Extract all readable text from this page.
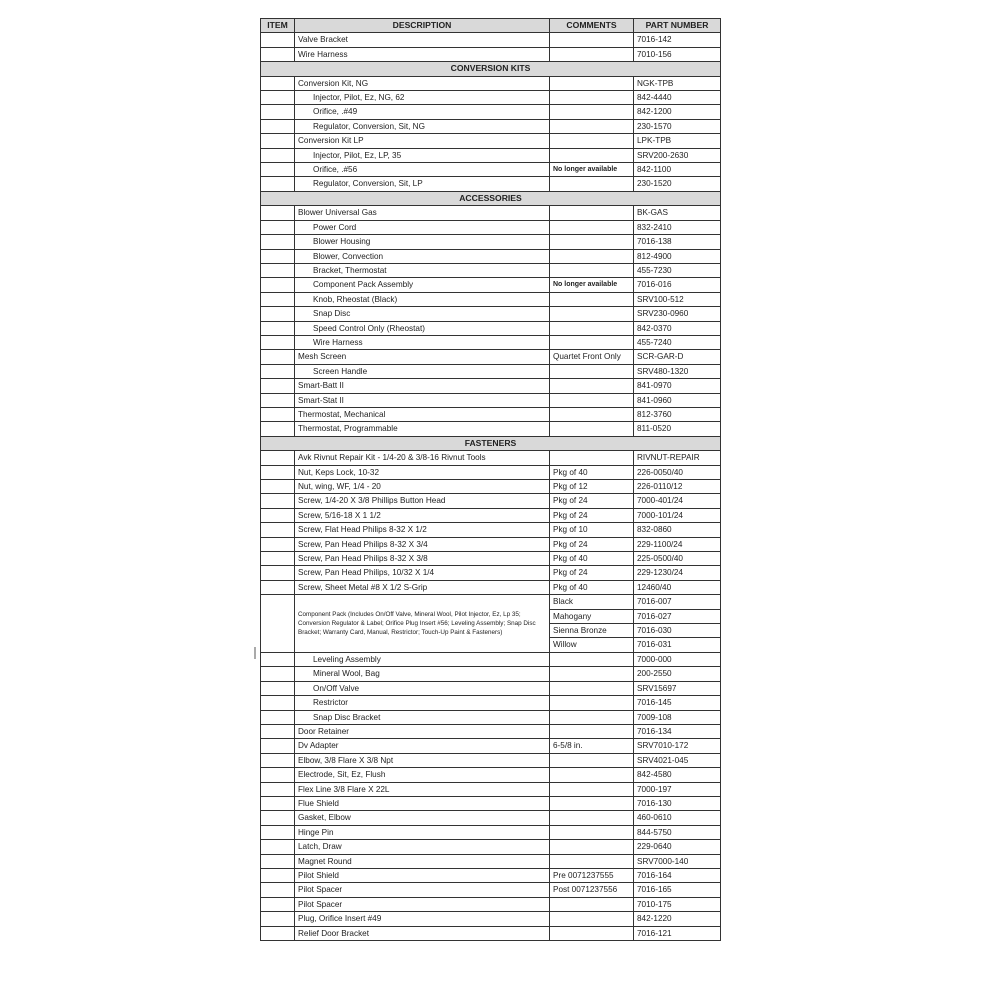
ITEM	DESCRIPTION	COMMENTS	PART NUMBER
	Valve Bracket		7016-142
	Wire Harness		7010-156
CONVERSION KITS			
	Conversion Kit, NG		NGK-TPB
	Injector, Pilot, Ez, NG, 62		842-4440
	Orifice, .#49		842-1200
	Regulator, Conversion, Sit, NG		230-1570
	Conversion Kit LP		LPK-TPB
	Injector, Pilot, Ez, LP, 35		SRV200-2630
	Orifice, .#56	No longer available	842-1100
	Regulator, Conversion, Sit, LP		230-1520
ACCESSORIES			
	Blower Universal Gas		BK-GAS
	Power Cord		832-2410
	Blower Housing		7016-138
	Blower, Convection		812-4900
	Bracket, Thermostat		455-7230
	Component Pack Assembly	No longer available	7016-016
	Knob, Rheostat (Black)		SRV100-512
	Snap Disc		SRV230-0960
	Speed Control Only (Rheostat)		842-0370
	Wire Harness		455-7240
	Mesh Screen	Quartet Front Only	SCR-GAR-D
	Screen Handle		SRV480-1320
	Smart-Batt II		841-0970
	Smart-Stat II		841-0960
	Thermostat, Mechanical		812-3760
	Thermostat, Programmable		811-0520
FASTENERS			
	Avk Rivnut Repair Kit - 1/4-20 & 3/8-16 Rivnut Tools		RIVNUT-REPAIR
	Nut, Keps Lock, 10-32	Pkg of 40	226-0050/40
	Nut, wing, WF, 1/4 - 20	Pkg of 12	226-0110/12
	Screw, 1/4-20 X 3/8 Phillips Button Head	Pkg of 24	7000-401/24
	Screw, 5/16-18 X 1 1/2	Pkg of 24	7000-101/24
	Screw, Flat Head Philips 8-32 X 1/2	Pkg of 10	832-0860
	Screw, Pan Head Philips 8-32 X 3/4	Pkg of 24	229-1100/24
	Screw, Pan Head Philips 8-32 X 3/8	Pkg of 40	225-0500/40
	Screw, Pan Head Philips, 10/32 X 1/4	Pkg of 24	229-1230/24
	Screw, Sheet Metal #8 X 1/2 S-Grip	Pkg of 40	12460/40
	Component Pack (Includes On/Off Valve, Mineral Wool, Pilot Injector, Ez, Lp 35; Conversion Regulator & Label; Orifice Plug Insert #56; Leveling Assembly; Snap Disc Bracket; Warranty Card, Manual, Restrictor; Touch-Up Paint & Fasteners)	Black	7016-007
		Mahogany	7016-027
		Sienna Bronze	7016-030
		Willow	7016-031
	Leveling Assembly		7000-000
	Mineral Wool, Bag		200-2550
	On/Off Valve		SRV15697
	Restrictor		7016-145
	Snap Disc Bracket		7009-108
	Door Retainer		7016-134
	Dv Adapter	6-5/8 in.	SRV7010-172
	Elbow, 3/8 Flare X 3/8 Npt		SRV4021-045
	Electrode, Sit, Ez, Flush		842-4580
	Flex Line 3/8 Flare X 22L		7000-197
	Flue Shield		7016-130
	Gasket, Elbow		460-0610
	Hinge Pin		844-5750
	Latch, Draw		229-0640
	Magnet Round		SRV7000-140
	Pilot Shield	Pre 0071237555	7016-164
	Pilot Spacer	Post 0071237556	7016-165
	Pilot Spacer		7010-175
	Plug, Orifice Insert #49		842-1220
	Relief Door Bracket		7016-121
